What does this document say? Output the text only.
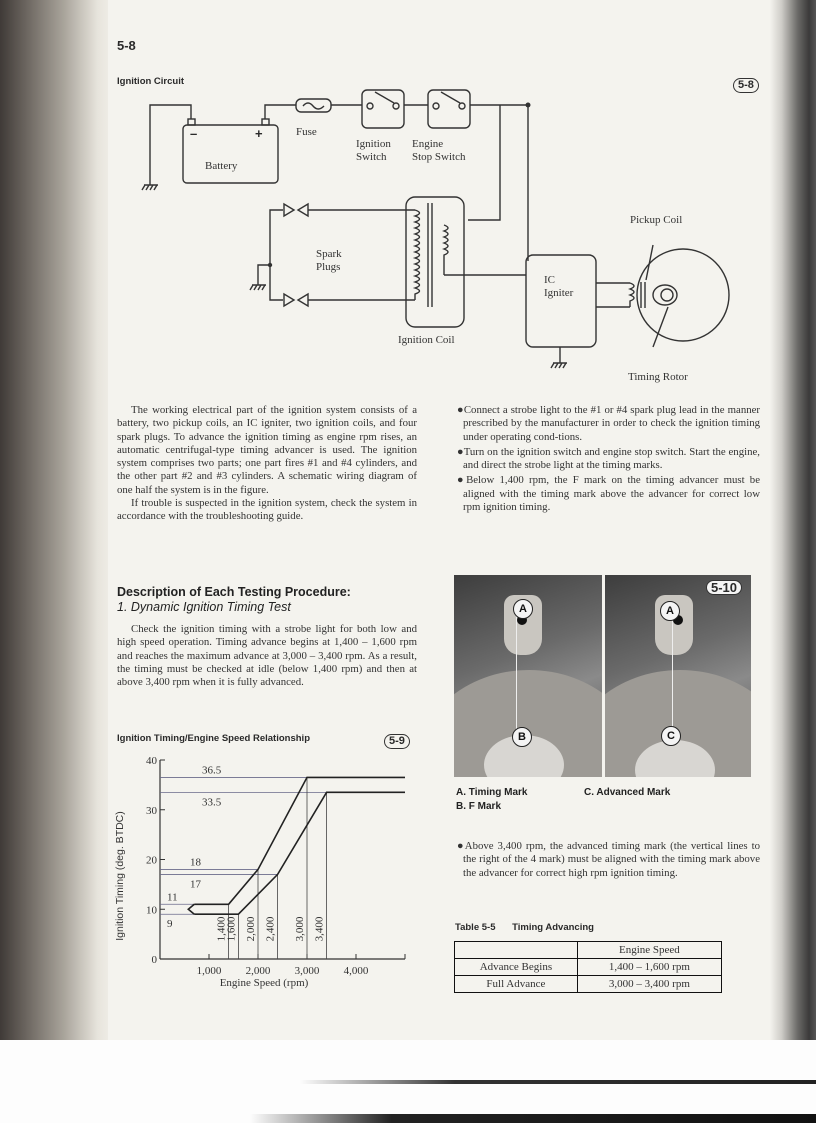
5-8
Ignition Circuit	5-8
Fuse
Ignition
Switch
Engine
Stop Switch
–	+
Battery
Spark
Plugs
Ignition Coil
IC
Igniter
Pickup Coil
Timing Rotor

The working electrical part of the ignition system consists of a battery, two pickup coils, an IC igniter, two ignition coils, and four spark plugs. To advance the ignition timing as engine rpm rises, an automatic centrifugal-type timing advancer is used. The ignition system comprises two parts; one part fires #1 and #4 cylinders, and the other part #2 and #3 cylinders. A schematic wiring diagram of one half the system is in the figure.

If trouble is suspected in the ignition system, check the system in accordance with the troubleshooting guide.

●Connect a strobe light to the #1 or #4 spark plug lead in the manner prescribed by the manufacturer in order to check the ignition timing under operating cond-tions.

●Turn on the ignition switch and engine stop switch. Start the engine, and direct the strobe light at the timing marks.

●Below 1,400 rpm, the F mark on the timing advancer must be aligned with the timing mark above the advancer for correct low rpm ignition timing.

Description of Each Testing Procedure:
1. Dynamic Ignition Timing Test

Check the ignition timing with a strobe light for both low and high speed operation. Timing advance begins at 1,400 – 1,600 rpm and reaches the maximum advance at 3,000 – 3,400 rpm. As a result, the timing must be checked at idle (below 1,400 rpm) and then at above 3,400 rpm when it is fully advanced.

Ignition Timing/Engine Speed Relationship	5-9
Ignition Timing (deg. BTDC)
Engine Speed (rpm)
0
10
20
30
40
1,000 2,000 3,000 4,000
36.5
33.5
18
17
11
9	1,400
1,600 2,000 2,400 3,000 3,400
A
B
A
C
5-10
A. Timing Mark
B. F Mark
C. Advanced Mark

●Above 3,400 rpm, the advanced timing mark (the vertical lines to the right of the 4 mark) must be aligned with the timing mark above the advancer for correct high rpm ignition timing.

Table 5-5 Timing Advancing
	Engine Speed
Advance Begins	1,400 – 1,600 rpm
Full Advance	3,000 – 3,400 rpm
